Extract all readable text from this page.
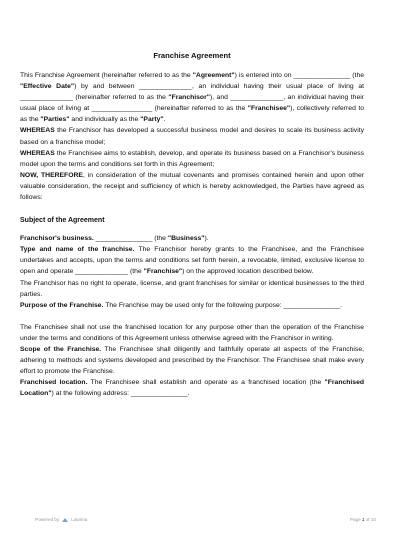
Franchise Agreement
This Franchise Agreement (hereinafter referred to as the "Agreement") is entered into on _______________ (the "Effective Date") by and between ______________, an individual having their usual place of living at ______________ (hereinafter referred to as the "Franchisor"), and ______________, an individual having their usual place of living at ________________ (hereinafter referred to as the "Franchisee"), collectively referred to as the "Parties" and individually as the "Party".
WHEREAS the Franchisor has developed a successful business model and desires to scale its business activity based on a franchise model;
WHEREAS the Franchisee aims to establish, develop, and operate its business based on a Franchisor's business model upon the terms and conditions set forth in this Agreement;
NOW, THEREFORE, in consideration of the mutual covenants and promises contained herein and upon other valuable consideration, the receipt and sufficiency of which is hereby acknowledged, the Parties have agreed as follows:
Subject of the Agreement
Franchisor's business. _______________ (the "Business").
Type and name of the franchise. The Franchisor hereby grants to the Franchisee, and the Franchisee undertakes and accepts, upon the terms and conditions set forth herein, a revocable, limited, exclusive license to open and operate ______________ (the "Franchise") on the approved location described below.
The Franchisor has no right to operate, license, and grant franchises for similar or identical businesses to the third parties.
Purpose of the Franchise. The Franchise may be used only for the following purpose: _______________.
The Franchisee shall not use the franchised location for any purpose other than the operation of the Franchise under the terms and conditions of this Agreement unless otherwise agreed with the Franchisor in writing.
Scope of the Franchise. The Franchisee shall diligently and faithfully operate all aspects of the Franchise, adhering to methods and systems developed and prescribed by the Franchisor. The Franchisee shall make every effort to promote the Franchise.
Franchised location. The Franchisee shall establish and operate as a franchised location (the "Franchised Location") at the following address: _______________.
Powered by	Lawrina	Page 1 of 10
